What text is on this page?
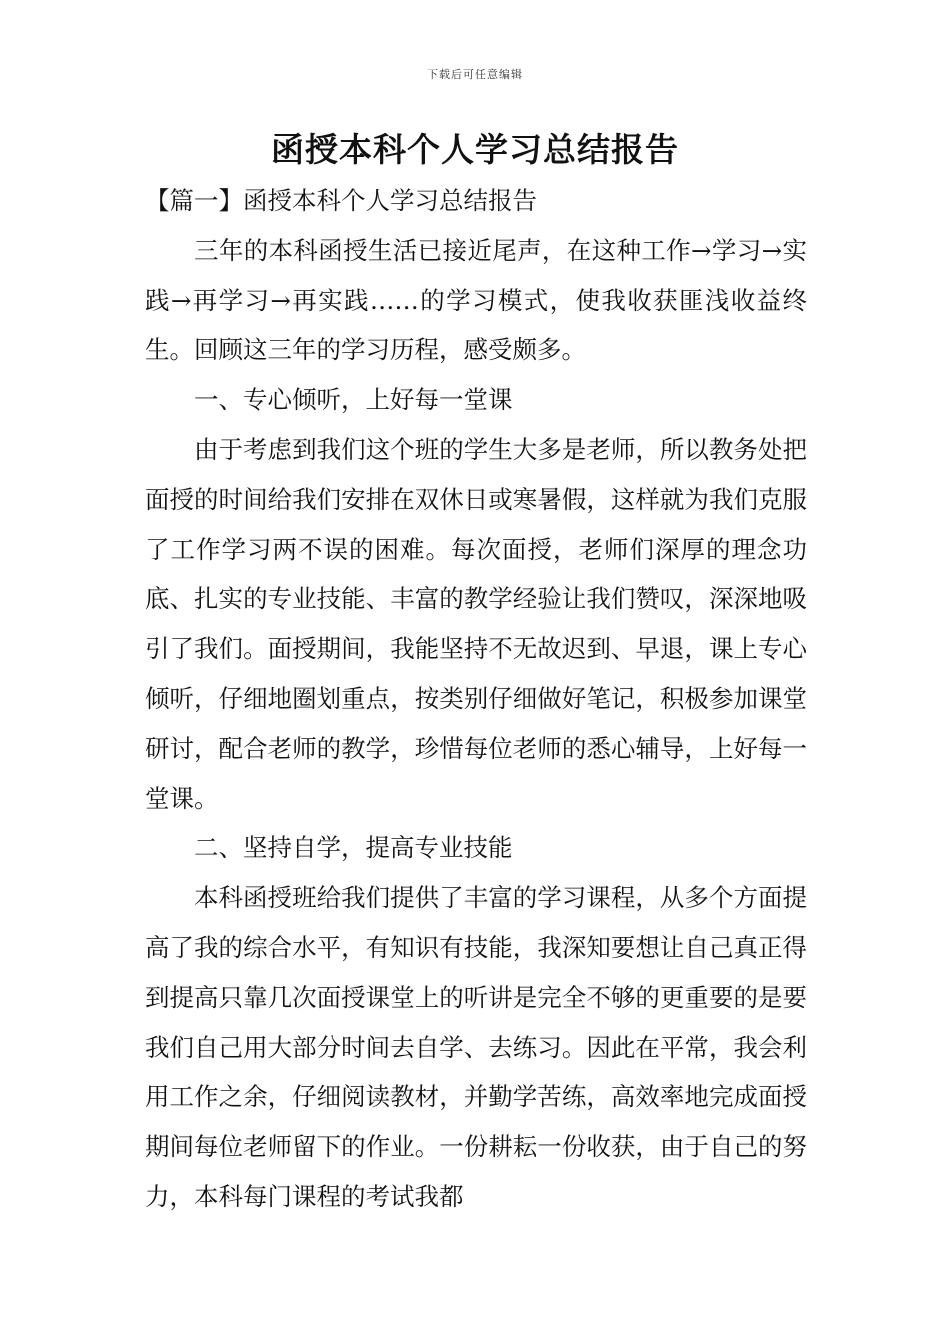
下载后可任意编辑
函授本科个人学习总结报告

【篇一】函授本科个人学习总结报告

三年的本科函授生活已接近尾声，在这种工作→学习→实践→再学习→再实践……的学习模式，使我收获匪浅收益终生。回顾这三年的学习历程，感受颇多。

一、专心倾听，上好每一堂课

由于考虑到我们这个班的学生大多是老师，所以教务处把面授的时间给我们安排在双休日或寒暑假，这样就为我们克服了工作学习两不误的困难。每次面授，老师们深厚的理念功底、扎实的专业技能、丰富的教学经验让我们赞叹，深深地吸引了我们。面授期间，我能坚持不无故迟到、早退，课上专心倾听，仔细地圈划重点，按类别仔细做好笔记，积极参加课堂研讨，配合老师的教学，珍惜每位老师的悉心辅导，上好每一堂课。

二、坚持自学，提高专业技能

本科函授班给我们提供了丰富的学习课程，从多个方面提高了我的综合水平，有知识有技能，我深知要想让自己真正得到提高只靠几次面授课堂上的听讲是完全不够的更重要的是要我们自己用大部分时间去自学、去练习。因此在平常，我会利用工作之余，仔细阅读教材，并勤学苦练，高效率地完成面授期间每位老师留下的作业。一份耕耘一份收获，由于自己的努力，本科每门课程的考试我都
